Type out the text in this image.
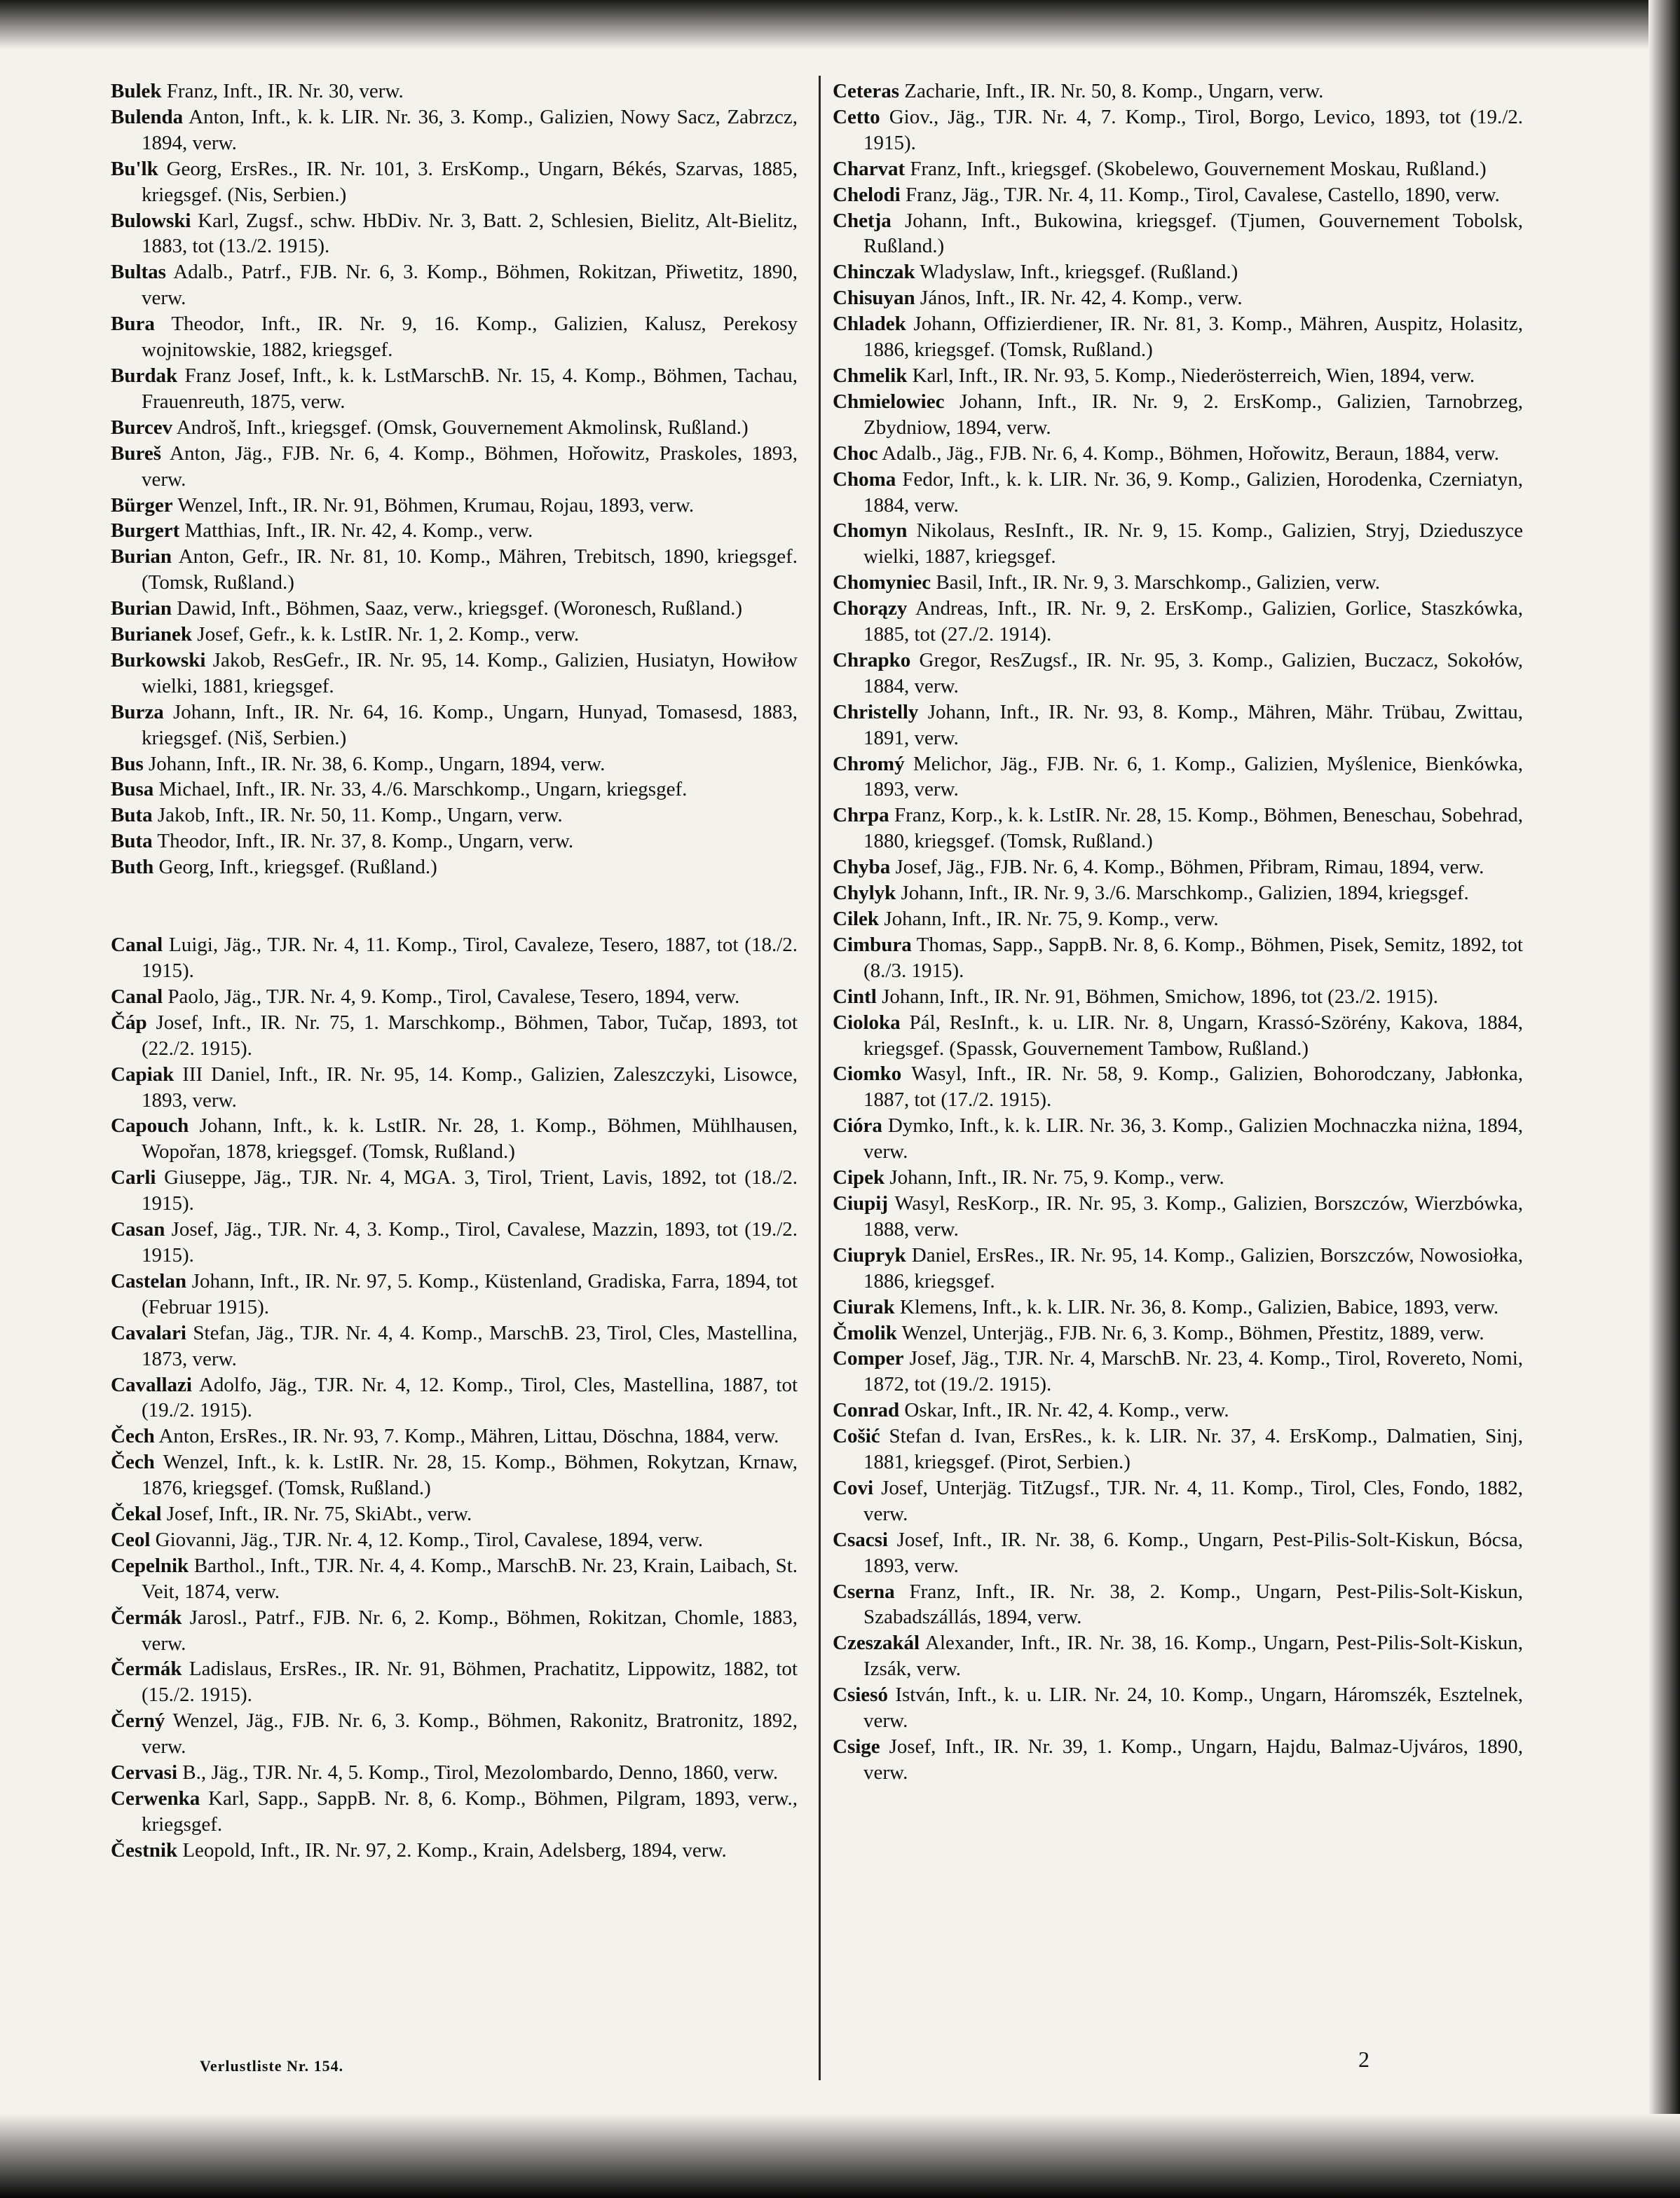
Bulek Franz, Inft., IR. Nr. 30, verw.

Bulenda Anton, Inft., k. k. LIR. Nr. 36, 3. Komp., Galizien, Nowy Sacz, Zabrzcz, 1894, verw.

Bu'lk Georg, ErsRes., IR. Nr. 101, 3. ErsKomp., Ungarn, Békés, Szarvas, 1885, kriegsgef. (Nis, Serbien.)

Bulowski Karl, Zugsf., schw. HbDiv. Nr. 3, Batt. 2, Schlesien, Bielitz, Alt-Bielitz, 1883, tot (13./2. 1915).

Bultas Adalb., Patrf., FJB. Nr. 6, 3. Komp., Böhmen, Rokitzan, Přiwetitz, 1890, verw.

Bura Theodor, Inft., IR. Nr. 9, 16. Komp., Galizien, Kalusz, Perekosy wojnitowskie, 1882, kriegsgef.

Burdak Franz Josef, Inft., k. k. LstMarschB. Nr. 15, 4. Komp., Böhmen, Tachau, Frauenreuth, 1875, verw.

Burcev Androš, Inft., kriegsgef. (Omsk, Gouvernement Akmolinsk, Rußland.)

Bureš Anton, Jäg., FJB. Nr. 6, 4. Komp., Böhmen, Hořowitz, Praskoles, 1893, verw.

Bürger Wenzel, Inft., IR. Nr. 91, Böhmen, Krumau, Rojau, 1893, verw.

Burgert Matthias, Inft., IR. Nr. 42, 4. Komp., verw.

Burian Anton, Gefr., IR. Nr. 81, 10. Komp., Mähren, Trebitsch, 1890, kriegsgef. (Tomsk, Rußland.)

Burian Dawid, Inft., Böhmen, Saaz, verw., kriegsgef. (Woronesch, Rußland.)

Burianek Josef, Gefr., k. k. LstIR. Nr. 1, 2. Komp., verw.

Burkowski Jakob, ResGefr., IR. Nr. 95, 14. Komp., Galizien, Husiatyn, Howiłow wielki, 1881, kriegsgef.

Burza Johann, Inft., IR. Nr. 64, 16. Komp., Ungarn, Hunyad, Tomasesd, 1883, kriegsgef. (Niš, Serbien.)

Bus Johann, Inft., IR. Nr. 38, 6. Komp., Ungarn, 1894, verw.

Busa Michael, Inft., IR. Nr. 33, 4./6. Marschkomp., Ungarn, kriegsgef.

Buta Jakob, Inft., IR. Nr. 50, 11. Komp., Ungarn, verw.

Buta Theodor, Inft., IR. Nr. 37, 8. Komp., Ungarn, verw.

Buth Georg, Inft., kriegsgef. (Rußland.)

Canal Luigi, Jäg., TJR. Nr. 4, 11. Komp., Tirol, Cavaleze, Tesero, 1887, tot (18./2. 1915).

Canal Paolo, Jäg., TJR. Nr. 4, 9. Komp., Tirol, Cavalese, Tesero, 1894, verw.

Čáp Josef, Inft., IR. Nr. 75, 1. Marschkomp., Böhmen, Tabor, Tučap, 1893, tot (22./2. 1915).

Capiak III Daniel, Inft., IR. Nr. 95, 14. Komp., Galizien, Zaleszczyki, Lisowce, 1893, verw.

Capouch Johann, Inft., k. k. LstIR. Nr. 28, 1. Komp., Böhmen, Mühlhausen, Wopořan, 1878, kriegsgef. (Tomsk, Rußland.)

Carli Giuseppe, Jäg., TJR. Nr. 4, MGA. 3, Tirol, Trient, Lavis, 1892, tot (18./2. 1915).

Casan Josef, Jäg., TJR. Nr. 4, 3. Komp., Tirol, Cavalese, Mazzin, 1893, tot (19./2. 1915).

Castelan Johann, Inft., IR. Nr. 97, 5. Komp., Küstenland, Gradiska, Farra, 1894, tot (Februar 1915).

Cavalari Stefan, Jäg., TJR. Nr. 4, 4. Komp., MarschB. 23, Tirol, Cles, Mastellina, 1873, verw.

Cavallazi Adolfo, Jäg., TJR. Nr. 4, 12. Komp., Tirol, Cles, Mastellina, 1887, tot (19./2. 1915).

Čech Anton, ErsRes., IR. Nr. 93, 7. Komp., Mähren, Littau, Döschna, 1884, verw.

Čech Wenzel, Inft., k. k. LstIR. Nr. 28, 15. Komp., Böhmen, Rokytzan, Krnaw, 1876, kriegsgef. (Tomsk, Rußland.)

Čekal Josef, Inft., IR. Nr. 75, SkiAbt., verw.

Ceol Giovanni, Jäg., TJR. Nr. 4, 12. Komp., Tirol, Cavalese, 1894, verw.

Cepelnik Barthol., Inft., TJR. Nr. 4, 4. Komp., MarschB. Nr. 23, Krain, Laibach, St. Veit, 1874, verw.

Čermák Jarosl., Patrf., FJB. Nr. 6, 2. Komp., Böhmen, Rokitzan, Chomle, 1883, verw.

Čermák Ladislaus, ErsRes., IR. Nr. 91, Böhmen, Prachatitz, Lippowitz, 1882, tot (15./2. 1915).

Černý Wenzel, Jäg., FJB. Nr. 6, 3. Komp., Böhmen, Rakonitz, Bratronitz, 1892, verw.

Cervasi B., Jäg., TJR. Nr. 4, 5. Komp., Tirol, Mezolombardo, Denno, 1860, verw.

Cerwenka Karl, Sapp., SappB. Nr. 8, 6. Komp., Böhmen, Pilgram, 1893, verw., kriegsgef.

Čestnik Leopold, Inft., IR. Nr. 97, 2. Komp., Krain, Adelsberg, 1894, verw.

Ceteras Zacharie, Inft., IR. Nr. 50, 8. Komp., Ungarn, verw.

Cetto Giov., Jäg., TJR. Nr. 4, 7. Komp., Tirol, Borgo, Levico, 1893, tot (19./2. 1915).

Charvat Franz, Inft., kriegsgef. (Skobelewo, Gouvernement Moskau, Rußland.)

Chelodi Franz, Jäg., TJR. Nr. 4, 11. Komp., Tirol, Cavalese, Castello, 1890, verw.

Chetja Johann, Inft., Bukowina, kriegsgef. (Tjumen, Gouvernement Tobolsk, Rußland.)

Chinczak Wladyslaw, Inft., kriegsgef. (Rußland.)

Chisuyan János, Inft., IR. Nr. 42, 4. Komp., verw.

Chladek Johann, Offizierdiener, IR. Nr. 81, 3. Komp., Mähren, Auspitz, Holasitz, 1886, kriegsgef. (Tomsk, Rußland.)

Chmelik Karl, Inft., IR. Nr. 93, 5. Komp., Niederösterreich, Wien, 1894, verw.

Chmielowiec Johann, Inft., IR. Nr. 9, 2. ErsKomp., Galizien, Tarnobrzeg, Zbydniow, 1894, verw.

Choc Adalb., Jäg., FJB. Nr. 6, 4. Komp., Böhmen, Hořowitz, Beraun, 1884, verw.

Choma Fedor, Inft., k. k. LIR. Nr. 36, 9. Komp., Galizien, Horodenka, Czerniatyn, 1884, verw.

Chomyn Nikolaus, ResInft., IR. Nr. 9, 15. Komp., Galizien, Stryj, Dzieduszyce wielki, 1887, kriegsgef.

Chomyniec Basil, Inft., IR. Nr. 9, 3. Marschkomp., Galizien, verw.

Chorązy Andreas, Inft., IR. Nr. 9, 2. ErsKomp., Galizien, Gorlice, Staszkówka, 1885, tot (27./2. 1914).

Chrapko Gregor, ResZugsf., IR. Nr. 95, 3. Komp., Galizien, Buczacz, Sokołów, 1884, verw.

Christelly Johann, Inft., IR. Nr. 93, 8. Komp., Mähren, Mähr. Trübau, Zwittau, 1891, verw.

Chromý Melichor, Jäg., FJB. Nr. 6, 1. Komp., Galizien, Myślenice, Bienkówka, 1893, verw.

Chrpa Franz, Korp., k. k. LstIR. Nr. 28, 15. Komp., Böhmen, Beneschau, Sobehrad, 1880, kriegsgef. (Tomsk, Rußland.)

Chyba Josef, Jäg., FJB. Nr. 6, 4. Komp., Böhmen, Přibram, Rimau, 1894, verw.

Chylyk Johann, Inft., IR. Nr. 9, 3./6. Marschkomp., Galizien, 1894, kriegsgef.

Cilek Johann, Inft., IR. Nr. 75, 9. Komp., verw.

Cimbura Thomas, Sapp., SappB. Nr. 8, 6. Komp., Böhmen, Pisek, Semitz, 1892, tot (8./3. 1915).

Cintl Johann, Inft., IR. Nr. 91, Böhmen, Smichow, 1896, tot (23./2. 1915).

Cioloka Pál, ResInft., k. u. LIR. Nr. 8, Ungarn, Krassó-Szörény, Kakova, 1884, kriegsgef. (Spassk, Gouvernement Tambow, Rußland.)

Ciomko Wasyl, Inft., IR. Nr. 58, 9. Komp., Galizien, Bohorodczany, Jabłonka, 1887, tot (17./2. 1915).

Cióra Dymko, Inft., k. k. LIR. Nr. 36, 3. Komp., Galizien Mochnaczka niżna, 1894, verw.

Cipek Johann, Inft., IR. Nr. 75, 9. Komp., verw.

Ciupij Wasyl, ResKorp., IR. Nr. 95, 3. Komp., Galizien, Borszczów, Wierzbówka, 1888, verw.

Ciupryk Daniel, ErsRes., IR. Nr. 95, 14. Komp., Galizien, Borszczów, Nowosiołka, 1886, kriegsgef.

Ciurak Klemens, Inft., k. k. LIR. Nr. 36, 8. Komp., Galizien, Babice, 1893, verw.

Čmolik Wenzel, Unterjäg., FJB. Nr. 6, 3. Komp., Böhmen, Přestitz, 1889, verw.

Comper Josef, Jäg., TJR. Nr. 4, MarschB. Nr. 23, 4. Komp., Tirol, Rovereto, Nomi, 1872, tot (19./2. 1915).

Conrad Oskar, Inft., IR. Nr. 42, 4. Komp., verw.

Cošić Stefan d. Ivan, ErsRes., k. k. LIR. Nr. 37, 4. ErsKomp., Dalmatien, Sinj, 1881, kriegsgef. (Pirot, Serbien.)

Covi Josef, Unterjäg. TitZugsf., TJR. Nr. 4, 11. Komp., Tirol, Cles, Fondo, 1882, verw.

Csacsi Josef, Inft., IR. Nr. 38, 6. Komp., Ungarn, Pest-Pilis-Solt-Kiskun, Bócsa, 1893, verw.

Cserna Franz, Inft., IR. Nr. 38, 2. Komp., Ungarn, Pest-Pilis-Solt-Kiskun, Szabadszállás, 1894, verw.

Czeszakál Alexander, Inft., IR. Nr. 38, 16. Komp., Ungarn, Pest-Pilis-Solt-Kiskun, Izsák, verw.

Csiesó István, Inft., k. u. LIR. Nr. 24, 10. Komp., Ungarn, Háromszék, Esztelnek, verw.

Csige Josef, Inft., IR. Nr. 39, 1. Komp., Ungarn, Hajdu, Balmaz-Ujváros, 1890, verw.

Verlustliste Nr. 154.	2
